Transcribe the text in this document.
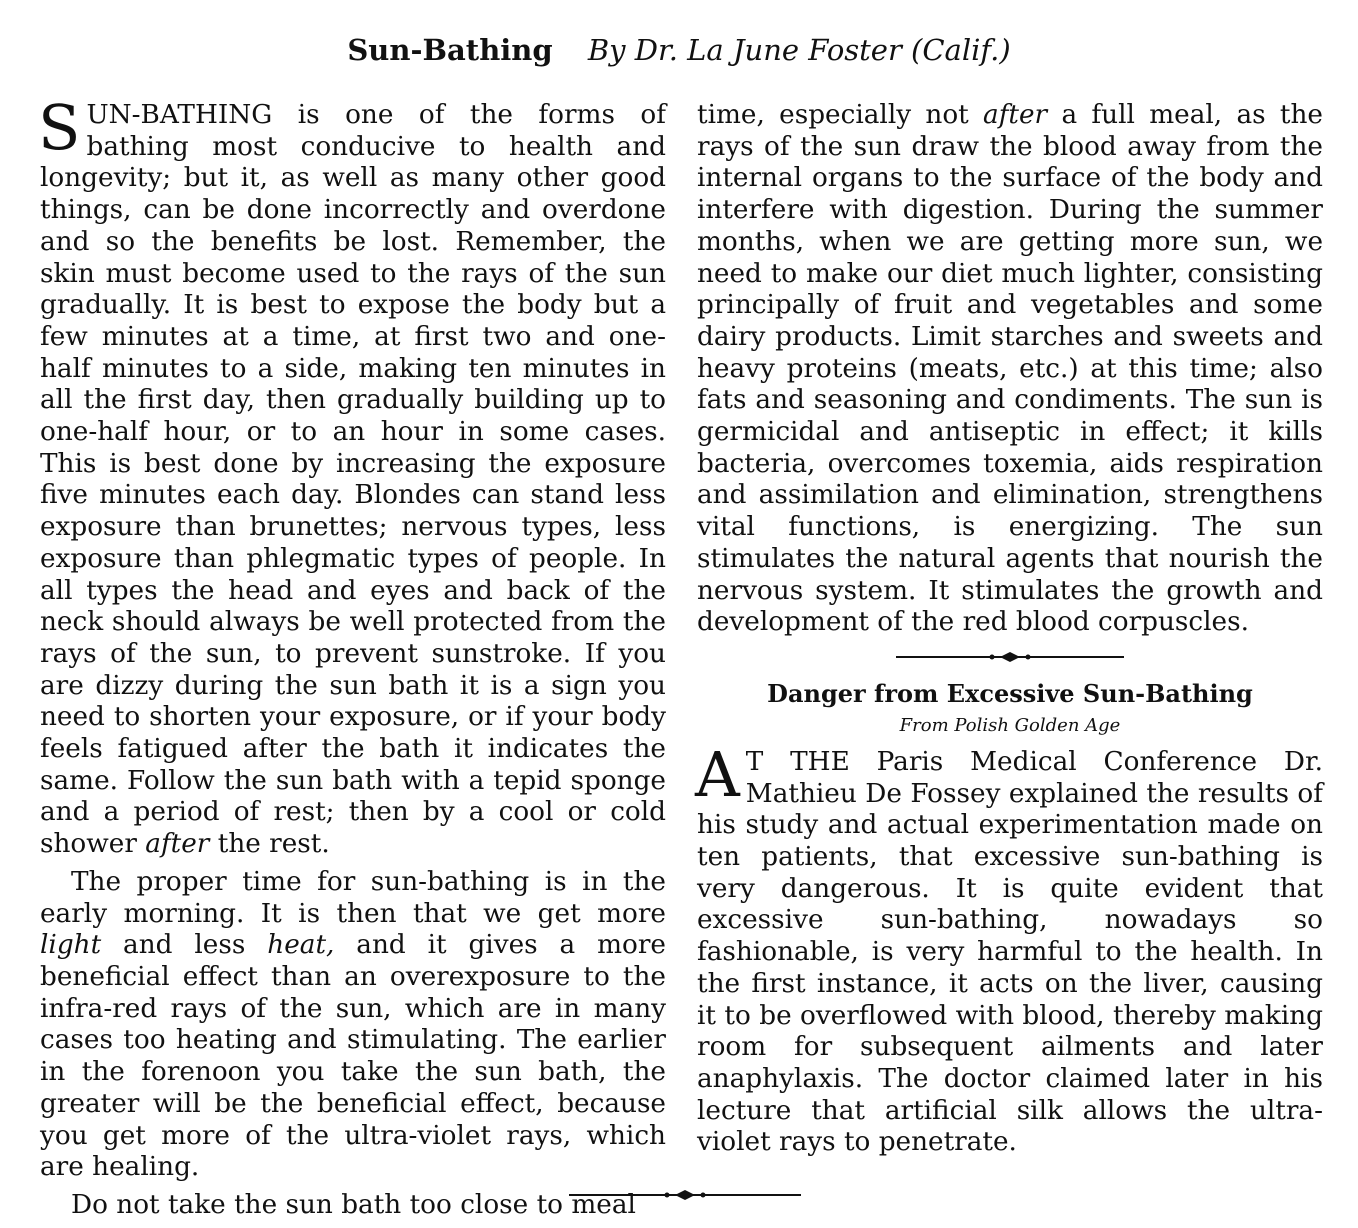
Sun-Bathing By Dr. La June Foster (Calif.)

SUN-BATHING is one of the forms of bathing most conducive to health and longevity; but it, as well as many other good things, can be done incorrectly and overdone and so the benefits be lost. Remember, the skin must become used to the rays of the sun gradually. It is best to expose the body but a few minutes at a time, at first two and one-half minutes to a side, making ten minutes in all the first day, then gradually building up to one-half hour, or to an hour in some cases. This is best done by increasing the exposure five minutes each day. Blondes can stand less exposure than brunettes; nervous types, less exposure than phlegmatic types of people. In all types the head and eyes and back of the neck should always be well protected from the rays of the sun, to prevent sunstroke. If you are dizzy during the sun bath it is a sign you need to shorten your exposure, or if your body feels fatigued after the bath it indicates the same. Follow the sun bath with a tepid sponge and a period of rest; then by a cool or cold shower after the rest.

The proper time for sun-bathing is in the early morning. It is then that we get more light and less heat, and it gives a more beneficial effect than an overexposure to the infra-red rays of the sun, which are in many cases too heating and stimulating. The earlier in the forenoon you take the sun bath, the greater will be the beneficial effect, because you get more of the ultra-violet rays, which are healing.

Do not take the sun bath too close to meal

time, especially not after a full meal, as the rays of the sun draw the blood away from the internal organs to the surface of the body and interfere with digestion. During the summer months, when we are getting more sun, we need to make our diet much lighter, consisting principally of fruit and vegetables and some dairy products. Limit starches and sweets and heavy proteins (meats, etc.) at this time; also fats and seasoning and condiments. The sun is germicidal and antiseptic in effect; it kills bacteria, overcomes toxemia, aids respiration and assimilation and elimination, strengthens vital functions, is energizing. The sun stimulates the natural agents that nourish the nervous system. It stimulates the growth and development of the red blood corpuscles.

Danger from Excessive Sun-Bathing
From Polish Golden Age

A T THE Paris Medical Conference Dr. Mathieu De Fossey explained the results of his study and actual experimentation made on ten patients, that excessive sun-bathing is very dangerous. It is quite evident that excessive sun-bathing, nowadays so fashionable, is very harmful to the health. In the first instance, it acts on the liver, causing it to be overflowed with blood, thereby making room for subsequent ailments and later anaphylaxis. The doctor claimed later in his lecture that artificial silk allows the ultra-violet rays to penetrate.
